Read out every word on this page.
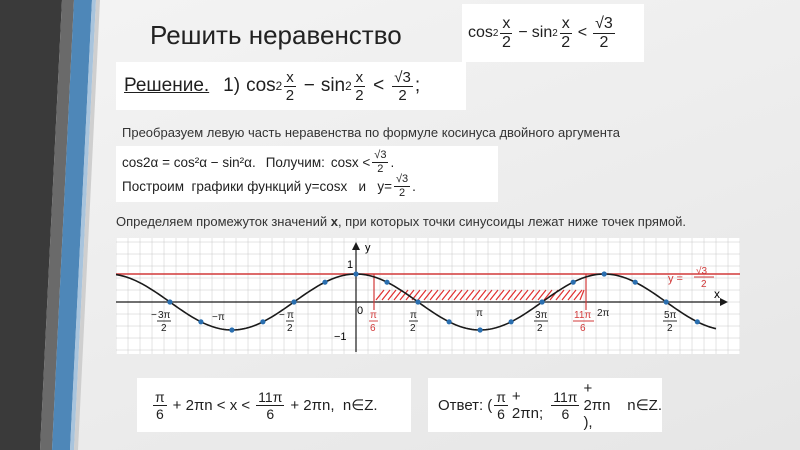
Решить неравенство	$\cos 2 \frac{x}{2} - \sin 2 \frac{x}{2} < \frac{√3}{2}$
Решение. 1) $\cos 2 \frac{x}{2} - \sin 2 \frac{x}{2} < \frac{√3}{2}$ ;
Преобразуем левую часть неравенства по формуле косинуса двойного аргумента
cos2α = cos²α − sin²α. Получим: $\cos x < \frac{√3}{2}$ .
Построим  графики функций у=cosx   и   $у= \frac{√3}{2}$ .
Определяем промежуток значений x, при которых точки синусоиды лежат ниже точек прямой.
y
x
0
1
−1
− 3π
2
−π	− π
2
π
6
π
2
π	3π
2
11π
6
2π	5π
2
y =
√3
2
$\frac{\pi}{6} + 2\pi n < x < \frac{11\pi}{6} + 2\pi n$,  n∈Z.	Ответ: ( $\frac{\pi}{6} + 2\pi n$; $\frac{11\pi}{6}$
+ 2πn ),
n∈Z.
